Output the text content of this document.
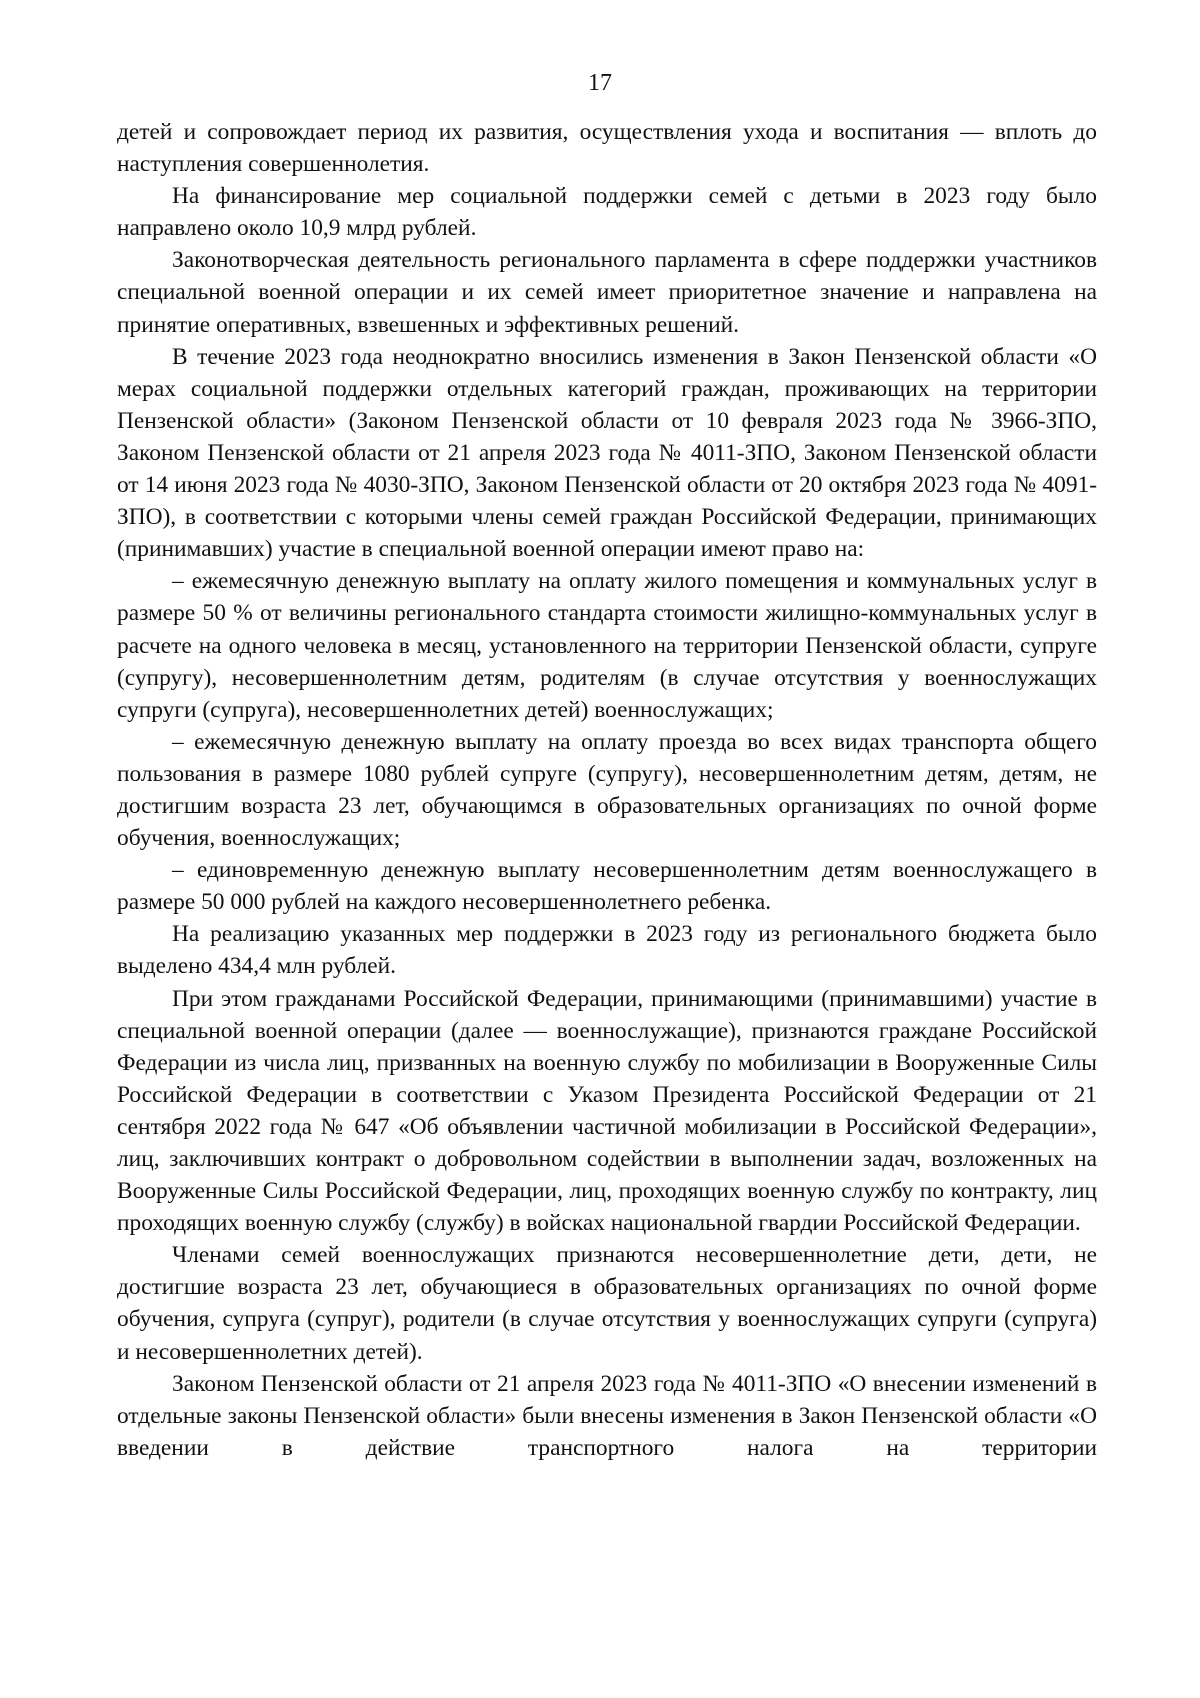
17

детей и сопровождает период их развития, осуществления ухода и воспитания — вплоть до наступления совершеннолетия.

На финансирование мер социальной поддержки семей с детьми в 2023 году было направлено около 10,9 млрд рублей.

Законотворческая деятельность регионального парламента в сфере поддержки участников специальной военной операции и их семей имеет приоритетное значение и направлена на принятие оперативных, взвешенных и эффективных решений.

В течение 2023 года неоднократно вносились изменения в Закон Пензенской области «О мерах социальной поддержки отдельных категорий граждан, проживающих на территории Пензенской области» (Законом Пензенской области от 10 февраля 2023 года № 3966-ЗПО, Законом Пензенской области от 21 апреля 2023 года № 4011-ЗПО, Законом Пензенской области от 14 июня 2023 года № 4030-ЗПО, Законом Пензенской области от 20 октября 2023 года № 4091-ЗПО), в соответствии с которыми члены семей граждан Российской Федерации, принимающих (принимавших) участие в специальной военной операции имеют право на:

– ежемесячную денежную выплату на оплату жилого помещения и коммунальных услуг в размере 50 % от величины регионального стандарта стоимости жилищно-коммунальных услуг в расчете на одного человека в месяц, установленного на территории Пензенской области, супруге (супругу), несовершеннолетним детям, родителям (в случае отсутствия у военнослужащих супруги (супруга), несовершеннолетних детей) военнослужащих;

– ежемесячную денежную выплату на оплату проезда во всех видах транспорта общего пользования в размере 1080 рублей супруге (супругу), несовершеннолетним детям, детям, не достигшим возраста 23 лет, обучающимся в образовательных организациях по очной форме обучения, военнослужащих;

– единовременную денежную выплату несовершеннолетним детям военнослужащего в размере 50 000 рублей на каждого несовершеннолетнего ребенка.

На реализацию указанных мер поддержки в 2023 году из регионального бюджета было выделено 434,4 млн рублей.

При этом гражданами Российской Федерации, принимающими (принимавшими) участие в специальной военной операции (далее — военнослужащие), признаются граждане Российской Федерации из числа лиц, призванных на военную службу по мобилизации в Вооруженные Силы Российской Федерации в соответствии с Указом Президента Российской Федерации от 21 сентября 2022 года № 647 «Об объявлении частичной мобилизации в Российской Федерации», лиц, заключивших контракт о добровольном содействии в выполнении задач, возложенных на Вооруженные Силы Российской Федерации, лиц, проходящих военную службу по контракту, лиц проходящих военную службу (службу) в войсках национальной гвардии Российской Федерации.

Членами семей военнослужащих признаются несовершеннолетние дети, дети, не достигшие возраста 23 лет, обучающиеся в образовательных организациях по очной форме обучения, супруга (супруг), родители (в случае отсутствия у военнослужащих супруги (супруга) и несовершеннолетних детей).

Законом Пензенской области от 21 апреля 2023 года № 4011-ЗПО «О внесении изменений в отдельные законы Пензенской области» были внесены изменения в Закон Пензенской области «О введении в действие транспортного налога на территории
